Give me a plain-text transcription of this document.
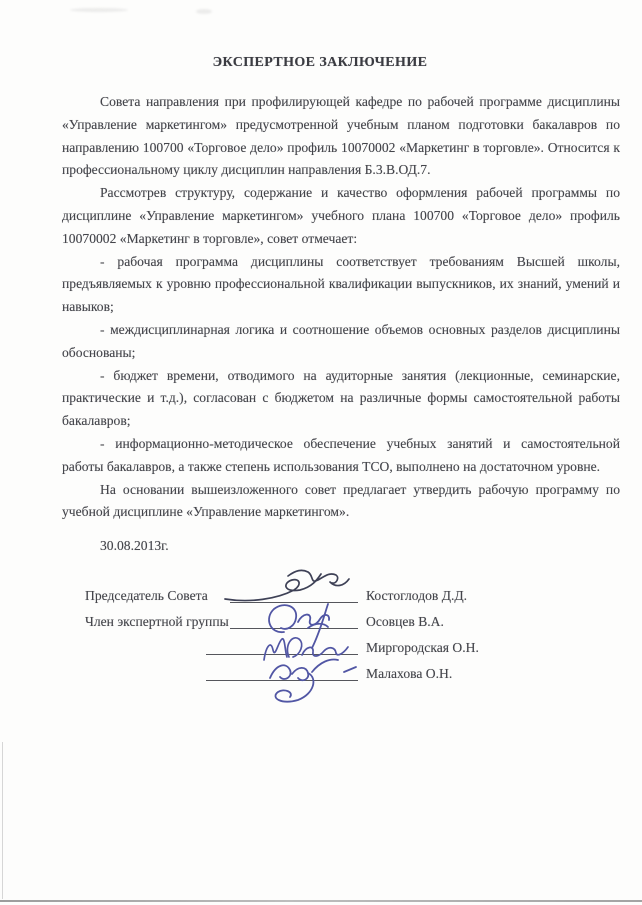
ЭКСПЕРТНОЕ ЗАКЛЮЧЕНИЕ

Совета направления при профилирующей кафедре по рабочей программе дисциплины «Управление маркетингом» предусмотренной учебным планом подготовки бакалавров по направлению 100700 «Торговое дело» профиль 10070002 «Маркетинг в торговле». Относится к профессиональному циклу дисциплин направления Б.3.В.ОД.7.

Рассмотрев структуру, содержание и качество оформления рабочей программы по дисциплине «Управление маркетингом» учебного плана 100700 «Торговое дело» профиль 10070002 «Маркетинг в торговле», совет отмечает:

- рабочая программа дисциплины соответствует требованиям Высшей школы, предъявляемых к уровню профессиональной квалификации выпускников, их знаний, умений и навыков;

- междисциплинарная логика и соотношение объемов основных разделов дисциплины обоснованы;

- бюджет времени, отводимого на аудиторные занятия (лекционные, семинарские, практические и т.д.), согласован с бюджетом на различные формы самостоятельной работы бакалавров;

- информационно-методическое обеспечение учебных занятий и самостоятельной работы бакалавров, а также степень использования ТСО, выполнено на достаточном уровне.

На основании вышеизложенного совет предлагает утвердить рабочую программу по учебной дисциплине «Управление маркетингом».

30.08.2013г.
Председатель Совета	Костоглодов Д.Д.
Член экспертной группы	Осовцев В.А.
Миргородская О.Н.
Малахова О.Н.
